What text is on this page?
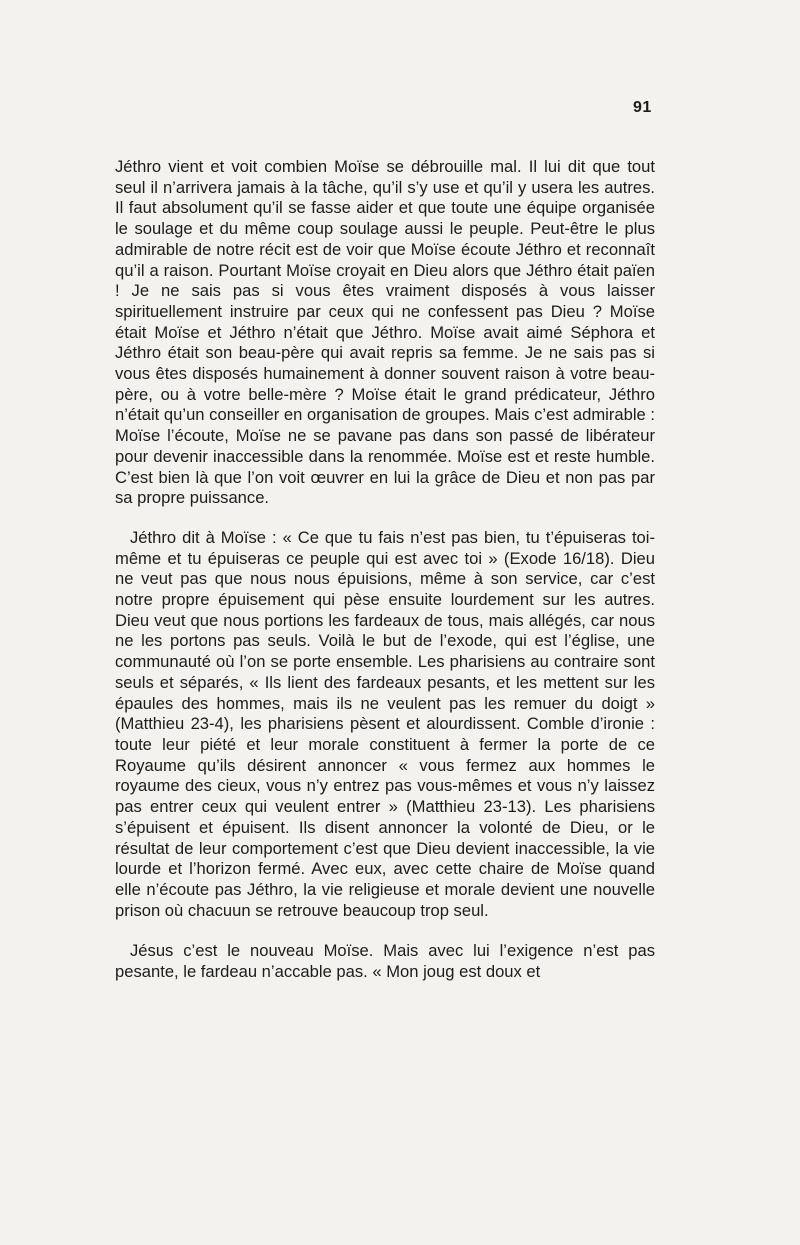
91

Jéthro vient et voit combien Moïse se débrouille mal. Il lui dit que tout seul il n’arrivera jamais à la tâche, qu’il s’y use et qu’il y usera les autres. Il faut absolument qu’il se fasse aider et que toute une équipe organisée le soulage et du même coup soulage aussi le peuple. Peut-être le plus admirable de notre récit est de voir que Moïse écoute Jéthro et reconnaît qu’il a raison. Pourtant Moïse croyait en Dieu alors que Jéthro était païen ! Je ne sais pas si vous êtes vraiment disposés à vous laisser spirituellement instruire par ceux qui ne confessent pas Dieu ? Moïse était Moïse et Jéthro n’était que Jéthro. Moïse avait aimé Séphora et Jéthro était son beau-père qui avait repris sa femme. Je ne sais pas si vous êtes disposés humainement à donner souvent raison à votre beau-père, ou à votre belle-mère ? Moïse était le grand prédicateur, Jéthro n’était qu’un conseiller en organisation de groupes. Mais c’est admirable : Moïse l’écoute, Moïse ne se pavane pas dans son passé de libérateur pour devenir inaccessible dans la renommée. Moïse est et reste humble. C’est bien là que l’on voit œuvrer en lui la grâce de Dieu et non pas par sa propre puissance.

Jéthro dit à Moïse : « Ce que tu fais n’est pas bien, tu t’épuiseras toi-même et tu épuiseras ce peuple qui est avec toi » (Exode 16/18). Dieu ne veut pas que nous nous épuisions, même à son service, car c’est notre propre épuisement qui pèse ensuite lourdement sur les autres. Dieu veut que nous portions les fardeaux de tous, mais allégés, car nous ne les portons pas seuls. Voilà le but de l’exode, qui est l’église, une communauté où l’on se porte ensemble. Les pharisiens au contraire sont seuls et séparés, « Ils lient des fardeaux pesants, et les mettent sur les épaules des hommes, mais ils ne veulent pas les remuer du doigt » (Matthieu 23-4), les pharisiens pèsent et alourdissent. Comble d’ironie : toute leur piété et leur morale constituent à fermer la porte de ce Royaume qu’ils désirent annoncer « vous fermez aux hommes le royaume des cieux, vous n’y entrez pas vous-mêmes et vous n’y laissez pas entrer ceux qui veulent entrer » (Matthieu 23-13). Les pharisiens s’épuisent et épuisent. Ils disent annoncer la volonté de Dieu, or le résultat de leur comportement c’est que Dieu devient inaccessible, la vie lourde et l’horizon fermé. Avec eux, avec cette chaire de Moïse quand elle n’écoute pas Jéthro, la vie religieuse et morale devient une nouvelle prison où chacuun se retrouve beaucoup trop seul.

Jésus c’est le nouveau Moïse. Mais avec lui l’exigence n’est pas pesante, le fardeau n’accable pas. « Mon joug est doux et
